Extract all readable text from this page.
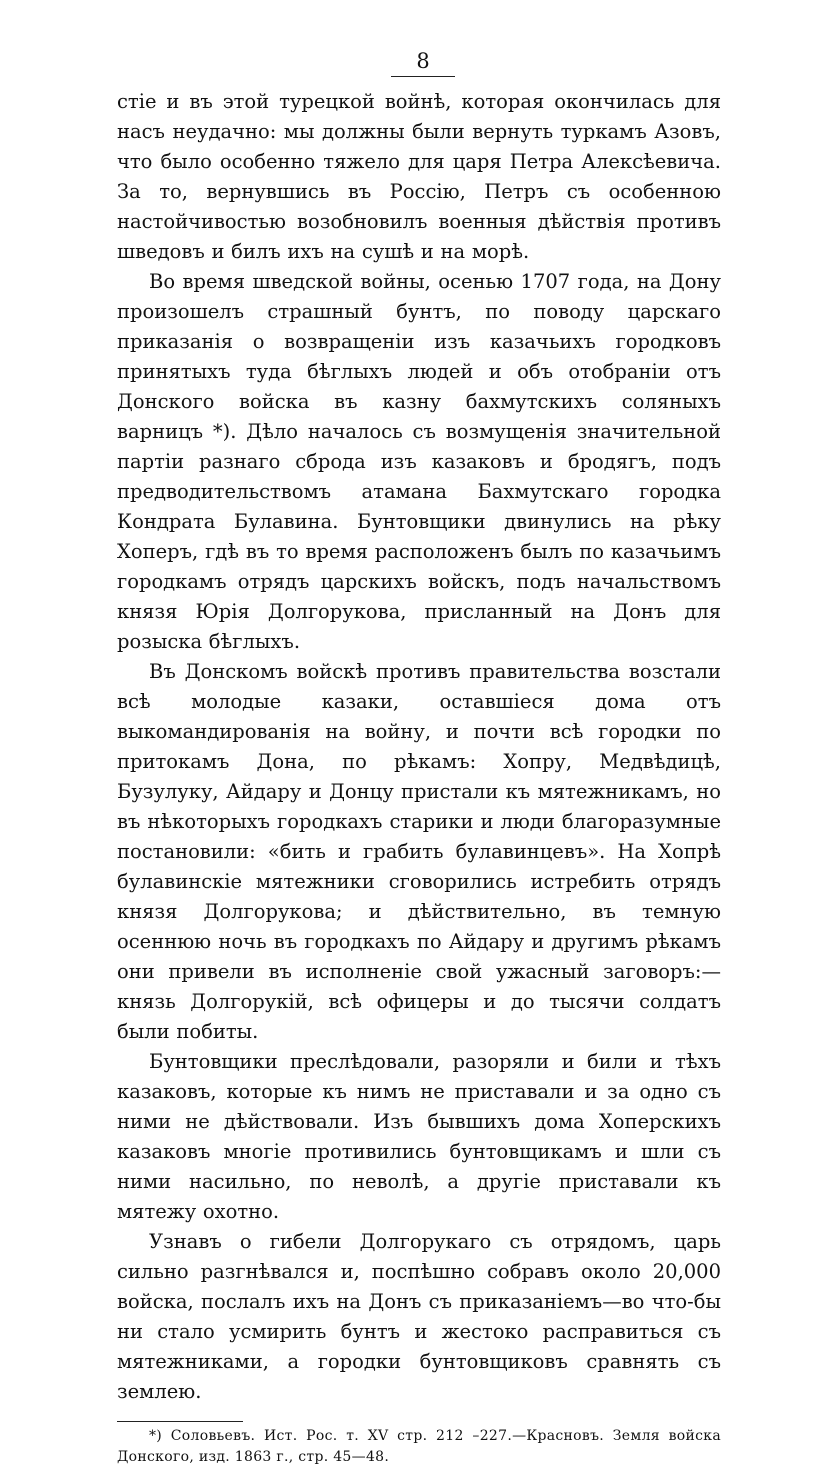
8

стіе и въ этой турецкой войнѣ, которая окончилась для насъ неудачно: мы должны были вернуть туркамъ Азовъ, что было особенно тяжело для царя Петра Алексѣевича. За то, вернувшись въ Россію, Петръ съ особенною настойчивостью возобновилъ военныя дѣйствія противъ шведовъ и билъ ихъ на сушѣ и на морѣ.

Во время шведской войны, осенью 1707 года, на Дону произошелъ страшный бунтъ, по поводу царскаго приказанія о возвращеніи изъ казачьихъ городковъ принятыхъ туда бѣглыхъ людей и объ отобраніи отъ Донского войска въ казну бахмутскихъ соляныхъ варницъ *). Дѣло началось съ возмущенія значительной партіи разнаго сброда изъ казаковъ и бродягъ, подъ предводительствомъ атамана Бахмутскаго городка Кондрата Булавина. Бунтовщики двинулись на рѣку Хоперъ, гдѣ въ то время расположенъ былъ по казачьимъ городкамъ отрядъ царскихъ войскъ, подъ начальствомъ князя Юрія Долгорукова, присланный на Донъ для розыска бѣглыхъ.

Въ Донскомъ войскѣ противъ правительства возстали всѣ молодые казаки, оставшіеся дома отъ выкомандированія на войну, и почти всѣ городки по притокамъ Дона, по рѣкамъ: Хопру, Медвѣдицѣ, Бузулуку, Айдару и Донцу пристали къ мятежникамъ, но въ нѣкоторыхъ городкахъ старики и люди благоразумные постановили: «бить и грабить булавинцевъ». На Хопрѣ булавинскіе мятежники сговорились истребить отрядъ князя Долгорукова; и дѣйствительно, въ темную осеннюю ночь въ городкахъ по Айдару и другимъ рѣкамъ они привели въ исполненіе свой ужасный заговоръ:— князь Долгорукій, всѣ офицеры и до тысячи солдатъ были побиты.

Бунтовщики преслѣдовали, разоряли и били и тѣхъ казаковъ, которые къ нимъ не приставали и за одно съ ними не дѣйствовали. Изъ бывшихъ дома Хоперскихъ казаковъ многіе противились бунтовщикамъ и шли съ ними насильно, по неволѣ, а другіе приставали къ мятежу охотно.

Узнавъ о гибели Долгорукаго съ отрядомъ, царь сильно разгнѣвался и, поспѣшно собравъ около 20,000 войска, послалъ ихъ на Донъ съ приказаніемъ—во что-бы ни стало усмирить бунтъ и жестоко расправиться съ мятежниками, а городки бунтовщиковъ сравнять съ землею.

*) Соловьевъ. Ист. Рос. т. XV стр. 212 –227.—Красновъ. Земля войска Донского, изд. 1863 г., стр. 45—48.
